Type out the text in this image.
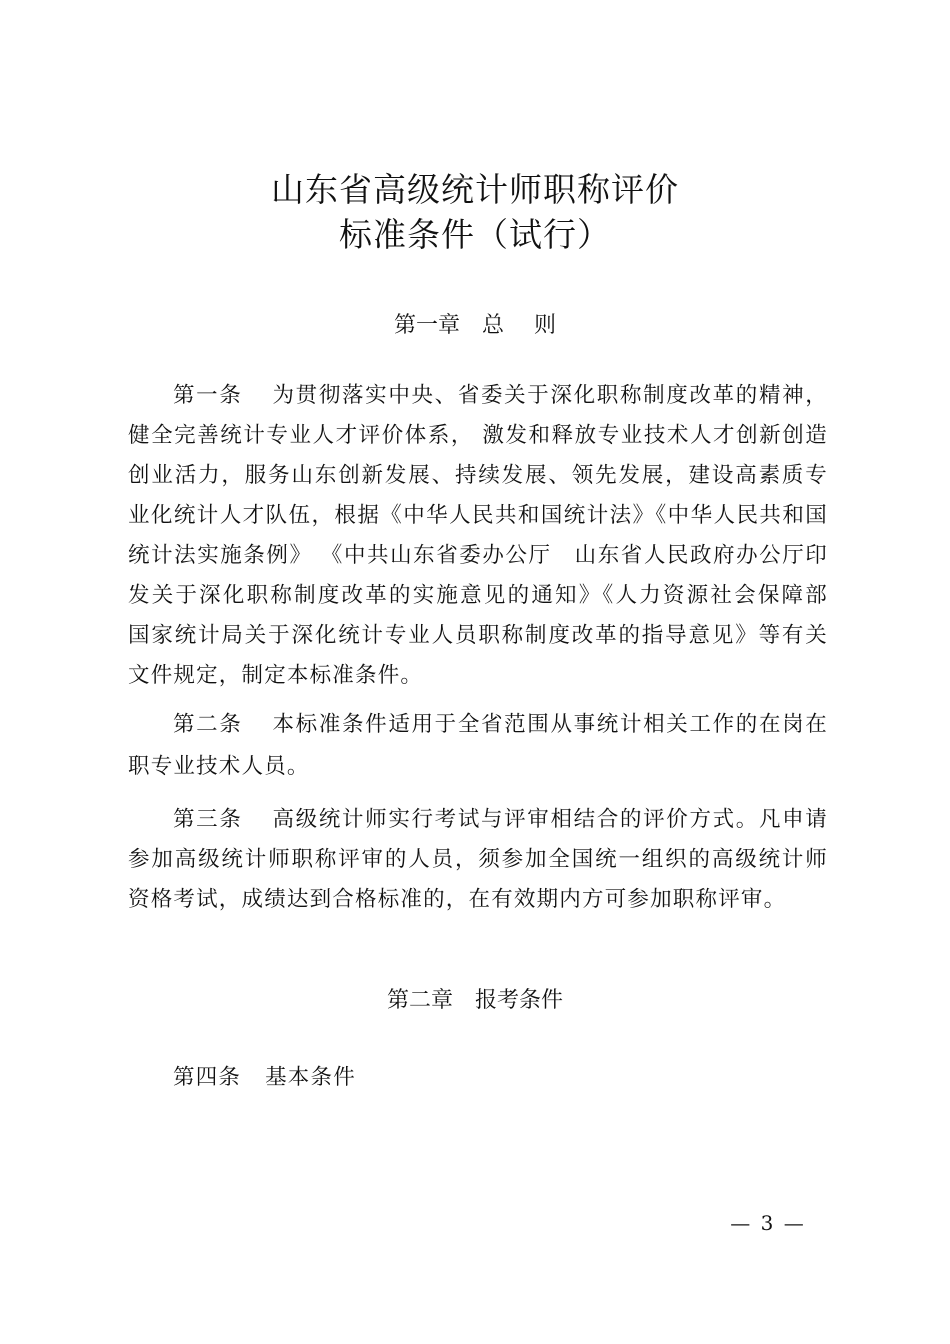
山东省高级统计师职称评价
标准条件（试行）
第一章 总 则
第一条 为贯彻落实中央、省委关于深化职称制度改革的精神，健全完善统计专业人才评价体系， 激发和释放专业技术人才创新创造创业活力，服务山东创新发展、持续发展、领先发展，建设高素质专业化统计人才队伍，根据《中华人民共和国统计法》《中华人民共和国统计法实施条例》 《中共山东省委办公厅　山东省人民政府办公厅印发关于深化职称制度改革的实施意见的通知》《人力资源社会保障部　国家统计局关于深化统计专业人员职称制度改革的指导意见》等有关文件规定，制定本标准条件。
第二条 本标准条件适用于全省范围从事统计相关工作的在岗在职专业技术人员。
第三条 高级统计师实行考试与评审相结合的评价方式。凡申请参加高级统计师职称评审的人员，须参加全国统一组织的高级统计师资格考试，成绩达到合格标准的，在有效期内方可参加职称评审。
第二章 报考条件
第四条 基本条件
— 3 —
